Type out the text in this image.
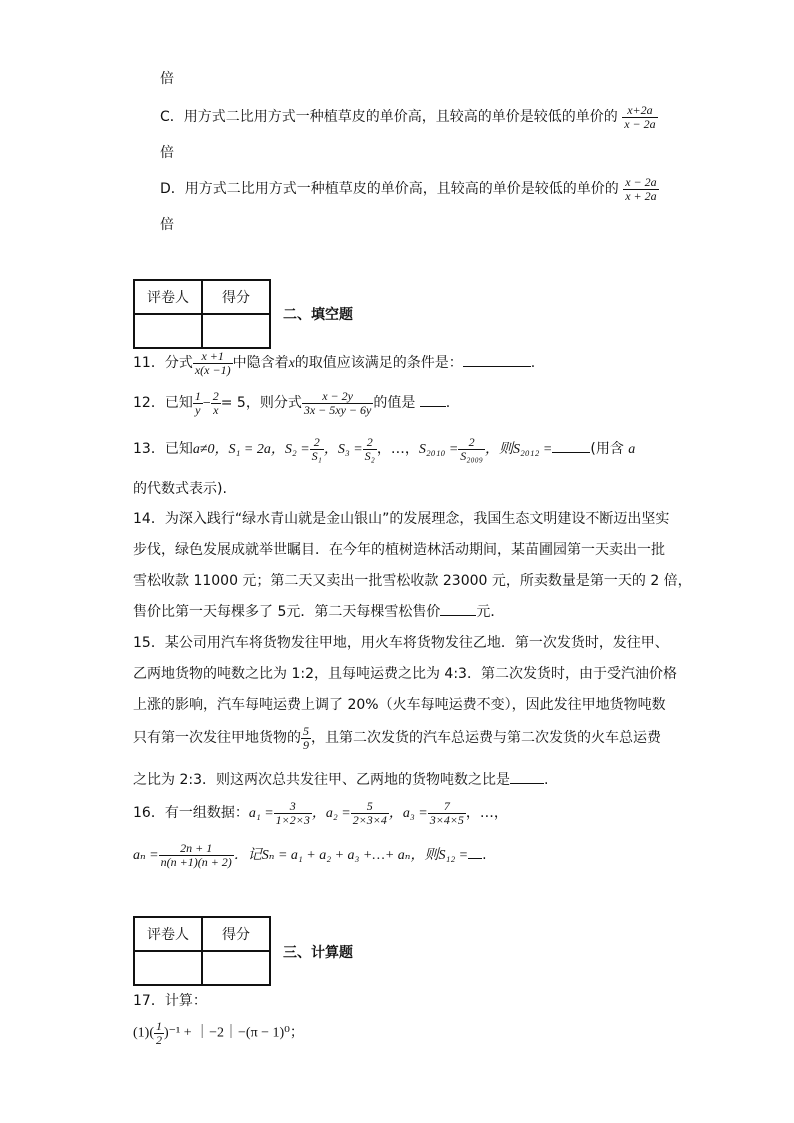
倍
C．用方式二比用方式一种植草皮的单价高，且较高的单价是较低的单价的 $\frac{x+2a}{x - 2a}$
倍
D．用方式二比用方式一种植草皮的单价高，且较高的单价是较低的单价的 $\frac{x - 2a}{x + 2a}$
倍
评卷人	得分

二、填空题
11．分式 $\frac{x +1}{x(x -1)}$ 中隐含着x的取值应该满足的条件是：	.
12．已知 $\frac{1}{y} - \frac{2}{x} = 5$，则分式 $\frac{x - 2y}{3x - 5xy - 6y}$ 的值是 .
13．已知a≠0，S₁ = 2a，$S_2 = \frac{2}{\text{S₁}}$ ，$S_3 = \frac{2}{\text{S₂}}$ ，…，$S_{2010} = \frac{2}{\text{S₂₀₀₉}}$ ，则S₂₀₁₂ =	(用含 a
的代数式表示).
14．为深入践行“绿水青山就是金山银山”的发展理念，我国生态文明建设不断迈出坚实
步伐，绿色发展成就举世瞩目．在今年的植树造林活动期间，某苗圃园第一天卖出一批
雪松收款 11000 元；第二天又卖出一批雪松收款 23000 元，所卖数量是第一天的 2 倍，
售价比第一天每棵多了 5元．第二天每棵雪松售价	元．
15．某公司用汽车将货物发往甲地，用火车将货物发往乙地．第一次发货时，发往甲、
乙两地货物的吨数之比为 1:2，且每吨运费之比为 4:3．第二次发货时，由于受汽油价格
上涨的影响，汽车每吨运费上调了 20%（火车每吨运费不变），因此发往甲地货物吨数
只有第一次发往甲地货物的 $\frac{5}{9}$ ，且第二次发货的汽车总运费与第二次发货的火车总运费
之比为 2:3．则这两次总共发往甲、乙两地的货物吨数之比是 .
16．有一组数据：$a_1 = \frac{3}{1\times 2\times 3}$ ，$a_2 = \frac{5}{2\times 3\times 4}$ ，$a_3 = \frac{7}{3\times 4\times 5}$ ，…，
$a_n = \frac{2n + 1}{n(n +1)(n + 2)}$ ．记Sₙ = a₁ + a₂ + a₃ +…+ aₙ，则S₁₂ = .
评卷人	得分

三、计算题
17．计算：
$(1)( \frac{1}{2} )^{-1}$ + ｜−2｜−(π − 1)⁰；
